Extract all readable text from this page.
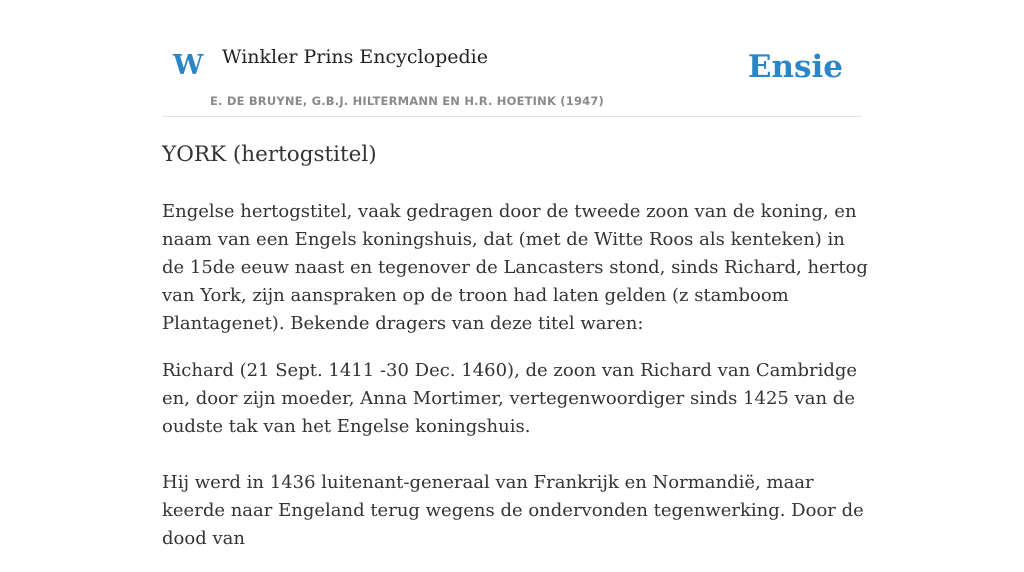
W Winkler Prins Encyclopedie
E. DE BRUYNE, G.B.J. HILTERMANN EN H.R. HOETINK (1947)
Ensie
YORK (hertogstitel)

Engelse hertogstitel, vaak gedragen door de tweede zoon van de koning, en naam van een Engels koningshuis, dat (met de Witte Roos als kenteken) in de 15de eeuw naast en tegenover de Lancasters stond, sinds Richard, hertog van York, zijn aanspraken op de troon had laten gelden (z stamboom Plantagenet). Bekende dragers van deze titel waren:

Richard (21 Sept. 1411 -30 Dec. 1460), de zoon van Richard van Cambridge en, door zijn moeder, Anna Mortimer, vertegenwoordiger sinds 1425 van de oudste tak van het Engelse koningshuis.

Hij werd in 1436 luitenant-generaal van Frankrijk en Normandië, maar keerde naar Engeland terug wegens de ondervonden tegenwerking. Door de dood van
